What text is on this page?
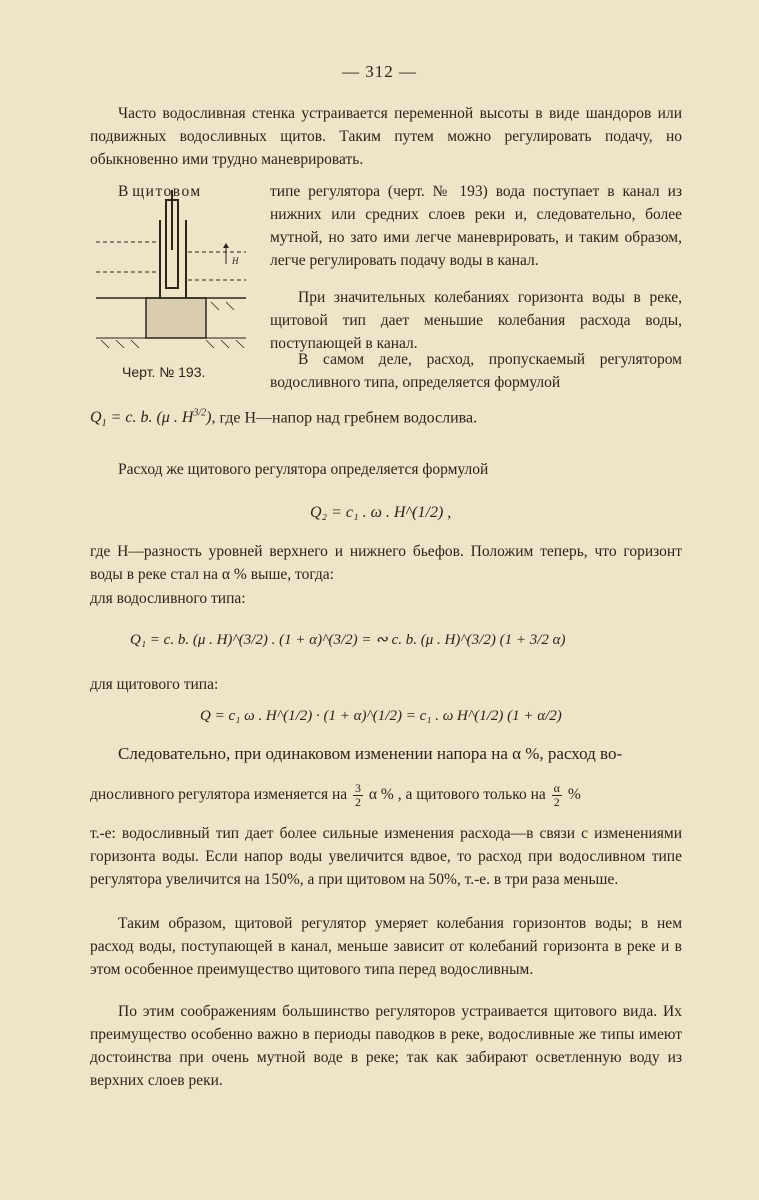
— 312 —

Часто водосливная стенка устраивается переменной высоты в виде шандоров или подвижных водосливных щитов. Таким путем можно регулировать подачу, но обыкновенно ими трудно маневрировать.

H
Черт. № 193.

В щитовом	типе регулятора (черт. № 193) вода поступает в канал из нижних или средних слоев реки и, следовательно, более мутной, но зато ими легче маневрировать, и таким образом, легче регулировать подачу воды в канал.

При значительных колебаниях горизонта воды в реке, щитовой тип дает меньшие колебания расхода воды, поступающей в канал.

В самом деле, расход, пропускаемый регулятором водосливного типа, определяется формулой

$Q_1 = c$. b. (μ . $H^{3/2}$), где H—напор над гребнем водослива.

Расход же щитового регулятора определяется формулой

Q₂ = c₁ . ω . H^(1/2) ,

где H—разность уровней верхнего и нижнего бьефов. Положим теперь, что горизонт воды в реке стал на α % выше, тогда:

для водосливного типа:
Q₁ = c. b. (μ . H)^(3/2) . (1 + α)^(3/2) = ∾ c. b. (μ . H)^(3/2) (1 + 3/2 α)
для щитового типа:
Q = c₁ ω . H^(1/2) · (1 + α)^(1/2) = c₁ . ω H^(1/2) (1 + α/2)
Следовательно, при одинаковом изменении напора на α %, расход во-
дносливного регулятора изменяется на $\frac{3}{2}$ α % , а щитового только на $\frac{\alpha}{2}$ %

т.-е: водосливный тип дает более сильные изменения расхода—в связи с изменениями горизонта воды. Если напор воды увеличится вдвое, то расход при водосливном типе регулятора увеличится на 150%, а при щитовом на 50%, т.-е. в три раза меньше.

Таким образом, щитовой регулятор умеряет колебания горизонтов воды; в нем расход воды, поступающей в канал, меньше зависит от колебаний горизонта в реке и в этом особенное преимущество щитового типа перед водосливным.

По этим соображениям большинство регуляторов устраивается щитового вида. Их преимущество особенно важно в периоды паводков в реке, водосливные же типы имеют достоинства при очень мутной воде в реке; так как забирают осветленную воду из верхних слоев реки.
